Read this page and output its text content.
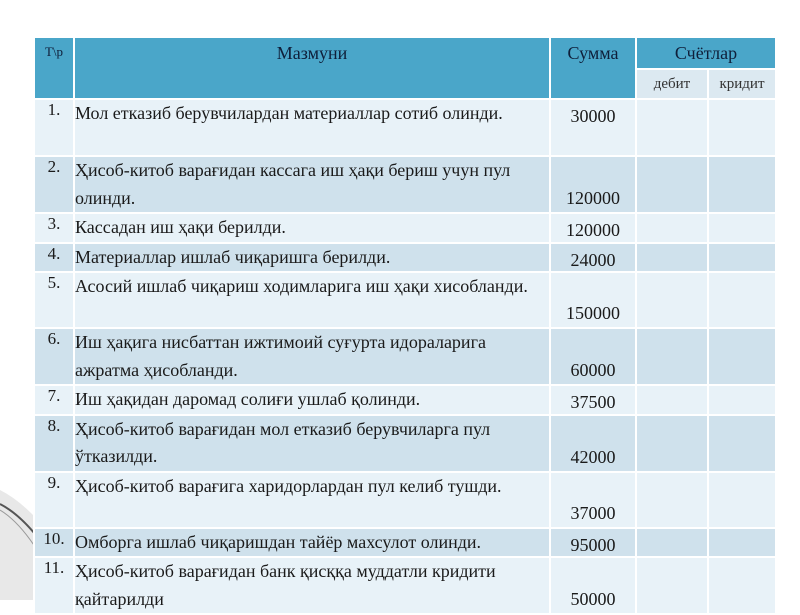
Т\р	Мазмуни	Сумма	Счётлар	
			дебит	кридит
1.	Мол етказиб берувчилардан материаллар сотиб олинди.	30000		
2.	Ҳисоб-китоб варағидан кассага иш ҳақи бериш учун пул олинди.	120000		
3.	Кассадан иш ҳақи берилди.	120000		
4.	Материаллар ишлаб чиқаришга берилди.	24000		
5.	Асосий ишлаб чиқариш ходимларига иш ҳақи хисобланди.	150000		
6.	Иш ҳақига нисбаттан ижтимоий суғурта идораларига ажратма ҳисобланди.	60000		
7.	Иш ҳақидан даромад солиғи ушлаб қолинди.	37500		
8.	Ҳисоб-китоб варағидан мол етказиб берувчиларга пул ўтказилди.	42000		
9.	Ҳисоб-китоб варағига харидорлардан пул келиб тушди.	37000		
10.	Омборга ишлаб чиқаришдан тайёр махсулот олинди.	95000		
11.	Ҳисоб-китоб варағидан банк қисққа муддатли кридити қайтарилди	50000		
